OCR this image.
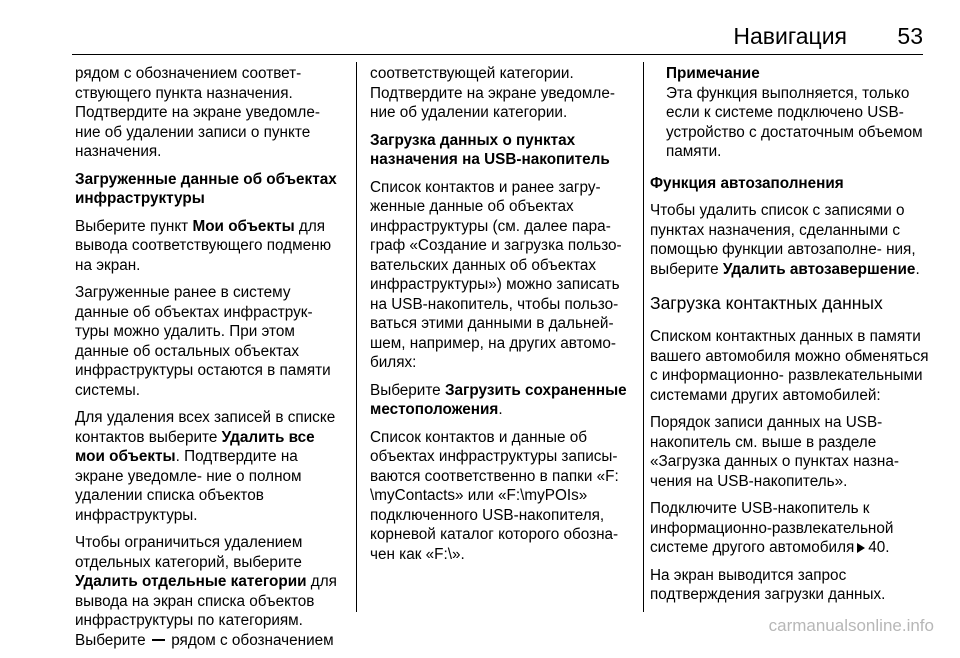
Навигация 53

рядом с обозначением соответ- ствующего пункта назначения. Подтвердите на экране уведомле- ние об удалении записи о пункте назначения.

Загруженные данные об объектах инфраструктуры

Выберите пункт Мои объекты для вывода соответствующего подменю на экран.

Загруженные ранее в систему данные об объектах инфраструк- туры можно удалить. При этом данные об остальных объектах инфраструктуры остаются в памяти системы.

Для удаления всех записей в списке контактов выберите Удалить все мои объекты. Подтвердите на экране уведомле- ние о полном удалении списка объектов инфраструктуры.

Чтобы ограничиться удалением отдельных категорий, выберите Удалить отдельные категории для вывода на экран списка объектов инфраструктуры по категориям. Выберите рядом с обозначением

соответствующей категории. Подтвердите на экране уведомле- ние об удалении категории.

Загрузка данных о пунктах назначения на USB-накопитель

Список контактов и ранее загру- женные данные об объектах инфраструктуры (см. далее пара- граф «Создание и загрузка пользо- вательских данных об объектах инфраструктуры») можно записать на USB-накопитель, чтобы пользо- ваться этими данными в дальней- шем, например, на других автомо- билях:

Выберите Загрузить сохраненные местоположения.

Список контактов и данные об объектах инфраструктуры записы- ваются соответственно в папки «F: \myContacts» или «F:\myPOIs» подключенного USB-накопителя, корневой каталог которого обозна- чен как «F:\».

Примечание
Эта функция выполняется, только если к системе подключено USB- устройство с достаточным объемом памяти.

Функция автозаполнения

Чтобы удалить список с записями о пунктах назначения, сделанными с помощью функции автозаполне- ния, выберите Удалить автозавершение.

Загрузка контактных данных

Списком контактных данных в памяти вашего автомобиля можно обменяться с информационно- развлекательными системами других автомобилей:

Порядок записи данных на USB- накопитель см. выше в разделе «Загрузка данных о пунктах назна- чения на USB-накопитель».

Подключите USB-накопитель к информационно-развлекательной системе другого автомобиля 40.

На экран выводится запрос подтверждения загрузки данных.

carmanualsonline.info
